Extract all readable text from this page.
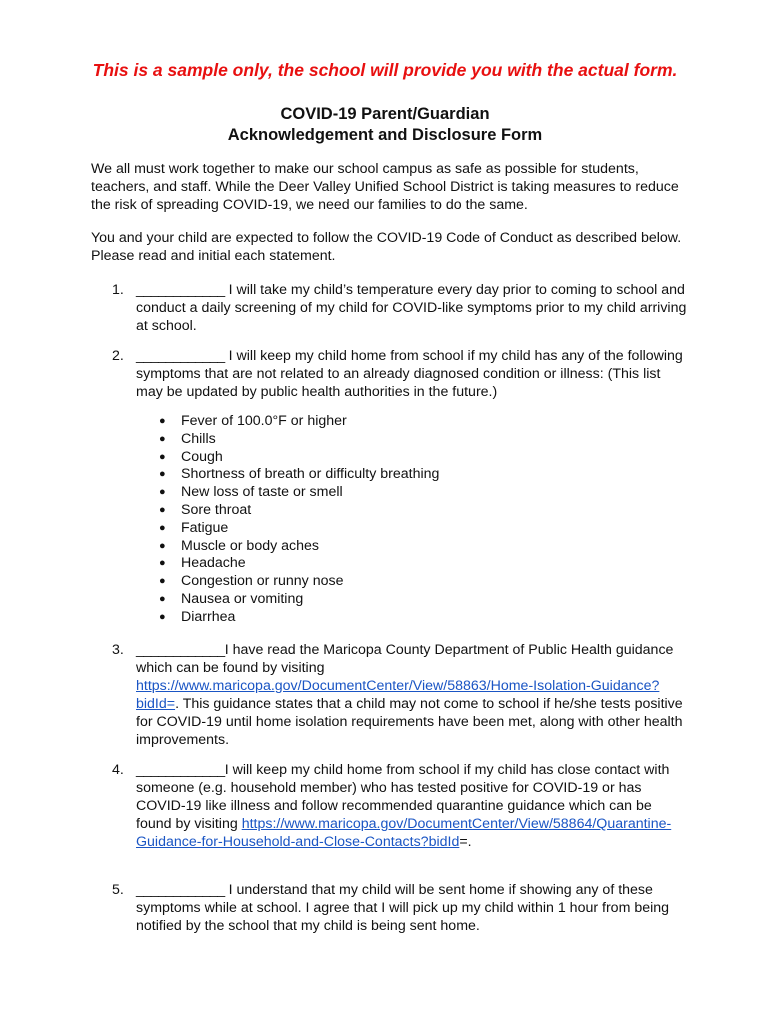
This is a sample only, the school will provide you with the actual form.
COVID-19 Parent/Guardian
Acknowledgement and Disclosure Form

We all must work together to make our school campus as safe as possible for students, teachers, and staff. While the Deer Valley Unified School District is taking measures to reduce the risk of spreading COVID-19, we need our families to do the same.

You and your child are expected to follow the COVID-19 Code of Conduct as described below. Please read and initial each statement.

1. ____________ I will take my child’s temperature every day prior to coming to school and conduct a daily screening of my child for COVID-like symptoms prior to my child arriving at school.
2. ____________ I will keep my child home from school if my child has any of the following symptoms that are not related to an already diagnosed condition or illness: (This list may be updated by public health authorities in the future.)
● Fever of 100.0°F or higher
● Chills
● Cough
● Shortness of breath or difficulty breathing
● New loss of taste or smell
● Sore throat
● Fatigue
● Muscle or body aches
● Headache
● Congestion or runny nose
● Nausea or vomiting
● Diarrhea
3. ____________I have read the Maricopa County Department of Public Health guidance which can be found by visiting https://www.maricopa.gov/DocumentCenter/View/58863/Home-Isolation-Guidance?bidId=. This guidance states that a child may not come to school if he/she tests positive for COVID-19 until home isolation requirements have been met, along with other health improvements.
4. ____________I will keep my child home from school if my child has close contact with someone (e.g. household member) who has tested positive for COVID-19 or has COVID-19 like illness and follow recommended quarantine guidance which can be found by visiting https://www.maricopa.gov/DocumentCenter/View/58864/Quarantine-Guidance-for-Household-and-Close-Contacts?bidId=.
5. ____________ I understand that my child will be sent home if showing any of these symptoms while at school. I agree that I will pick up my child within 1 hour from being notified by the school that my child is being sent home.
